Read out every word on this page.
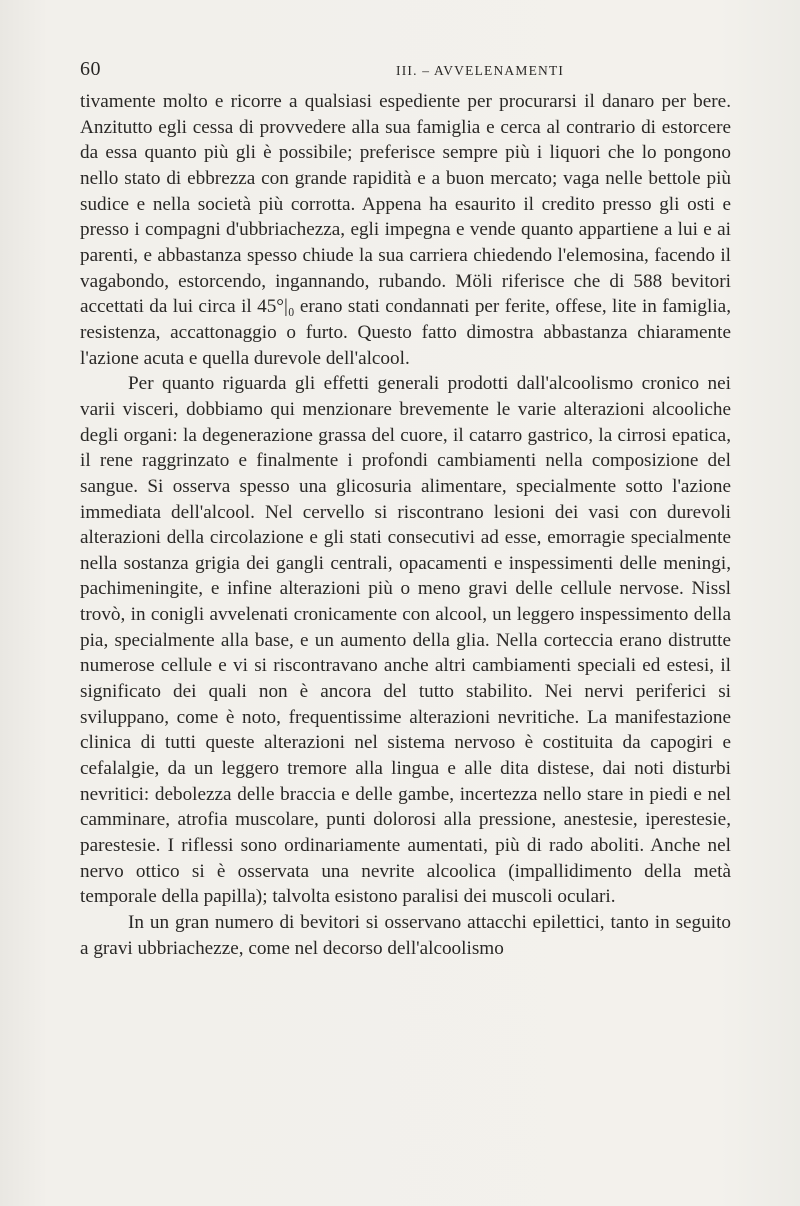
60	III. – AVVELENAMENTI

tivamente molto e ricorre a qualsiasi espediente per procurarsi il danaro per bere. Anzitutto egli cessa di provvedere alla sua famiglia e cerca al contrario di estorcere da essa quanto più gli è possibile; preferisce sempre più i liquori che lo pongono nello stato di ebbrezza con grande rapidità e a buon mercato; vaga nelle bettole più sudice e nella società più corrotta. Appena ha esaurito il credito presso gli osti e presso i compagni d'ubbriachezza, egli impegna e vende quanto appartiene a lui e ai parenti, e abbastanza spesso chiude la sua carriera chiedendo l'elemosina, facendo il vagabondo, estorcendo, ingannando, rubando. Möli riferisce che di 588 bevitori accettati da lui circa il 45°|₀ erano stati condannati per ferite, offese, lite in famiglia, resistenza, accattonaggio o furto. Questo fatto dimostra abbastanza chiaramente l'azione acuta e quella durevole dell'alcool.

Per quanto riguarda gli effetti generali prodotti dall'alcoolismo cronico nei varii visceri, dobbiamo qui menzionare brevemente le varie alterazioni alcooliche degli organi: la degenerazione grassa del cuore, il catarro gastrico, la cirrosi epatica, il rene raggrinzato e finalmente i profondi cambiamenti nella composizione del sangue. Si osserva spesso una glicosuria alimentare, specialmente sotto l'azione immediata dell'alcool. Nel cervello si riscontrano lesioni dei vasi con durevoli alterazioni della circolazione e gli stati consecutivi ad esse, emorragie specialmente nella sostanza grigia dei gangli centrali, opacamenti e inspessimenti delle meningi, pachimeningite, e infine alterazioni più o meno gravi delle cellule nervose. Nissl trovò, in conigli avvelenati cronicamente con alcool, un leggero inspessimento della pia, specialmente alla base, e un aumento della glia. Nella corteccia erano distrutte numerose cellule e vi si riscontravano anche altri cambiamenti speciali ed estesi, il significato dei quali non è ancora del tutto stabilito. Nei nervi periferici si sviluppano, come è noto, frequentissime alterazioni nevritiche. La manifestazione clinica di tutti queste alterazioni nel sistema nervoso è costituita da capogiri e cefalalgie, da un leggero tremore alla lingua e alle dita distese, dai noti disturbi nevritici: debolezza delle braccia e delle gambe, incertezza nello stare in piedi e nel camminare, atrofia muscolare, punti dolorosi alla pressione, anestesie, iperestesie, parestesie. I riflessi sono ordinariamente aumentati, più di rado aboliti. Anche nel nervo ottico si è osservata una nevrite alcoolica (impallidimento della metà temporale della papilla); talvolta esistono paralisi dei muscoli oculari.

In un gran numero di bevitori si osservano attacchi epilettici, tanto in seguito a gravi ubbriachezze, come nel decorso dell'alcoolismo
